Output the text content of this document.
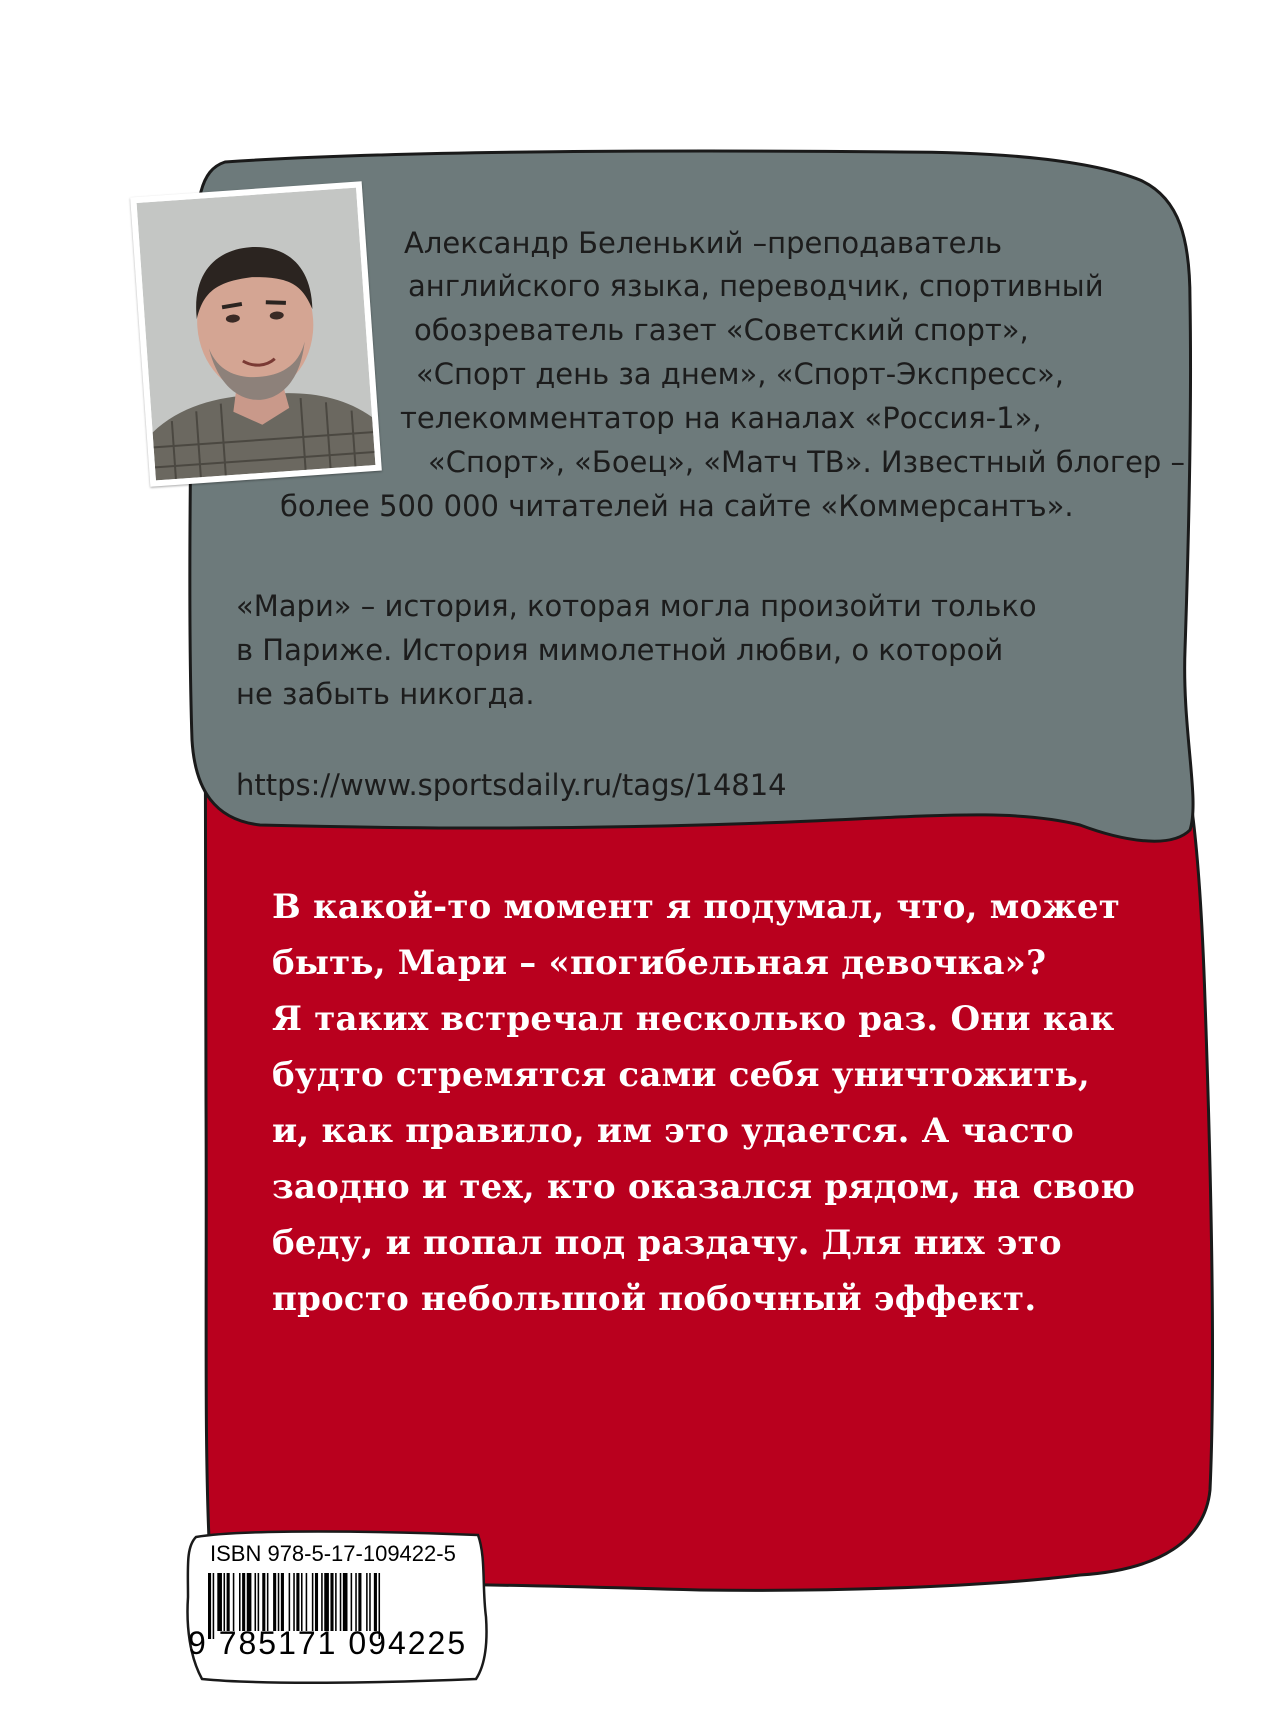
Александр Беленький –преподаватель
английского языка, переводчик, спортивный
обозреватель газет «Советский спорт»,
«Спорт день за днем», «Спорт-Экспресс»,
телекомментатор на каналах «Россия-1»,
«Спорт», «Боец», «Матч ТВ». Известный блогер –
более 500 000 читателей на сайте «Коммерсантъ».
«Мари» – история, которая могла произойти только
в Париже. История мимолетной любви, о которой
не забыть никогда.
https://www.sportsdaily.ru/tags/14814
В какой-то момент я подумал, что, может
быть, Мари – «погибельная девочка»?
Я таких встречал несколько раз. Они как
будто стремятся сами себя уничтожить,
и, как правило, им это удается. А часто
заодно и тех, кто оказался рядом, на свою
беду, и попал под раздачу. Для них это
просто небольшой побочный эффект.
ISBN 978-5-17-109422-5
9 785171 094225
